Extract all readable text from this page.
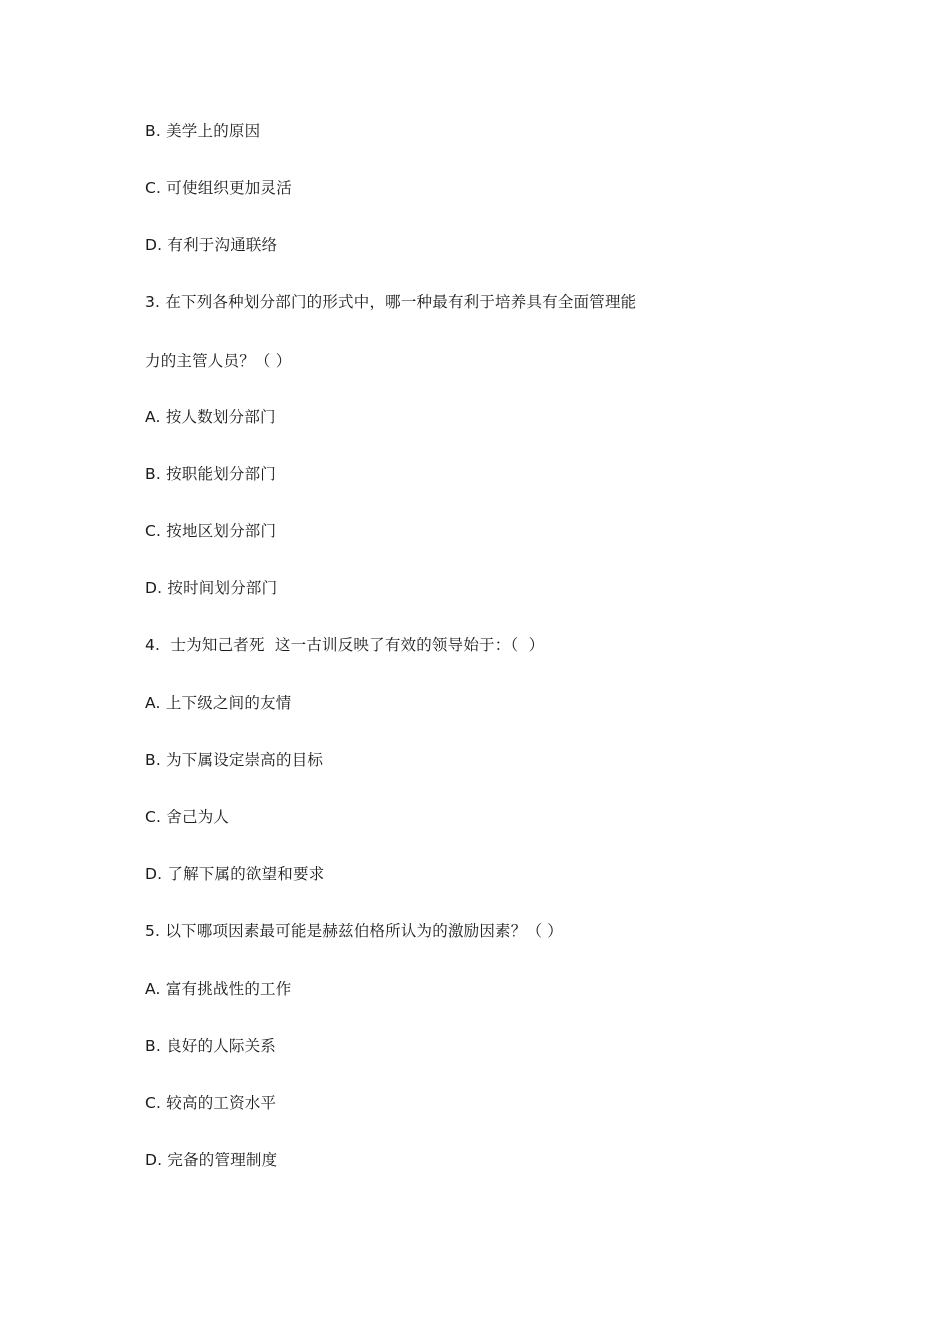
B. 美学上的原因
C. 可使组织更加灵活
D. 有利于沟通联络
3. 在下列各种划分部门的形式中，哪一种最有利于培养具有全面管理能
力的主管人员？（ ）
A. 按人数划分部门
B. 按职能划分部门
C. 按地区划分部门
D. 按时间划分部门
4.  士为知己者死  这一古训反映了有效的领导始于：（  ）
A. 上下级之间的友情
B. 为下属设定崇高的目标
C. 舍己为人
D. 了解下属的欲望和要求
5. 以下哪项因素最可能是赫兹伯格所认为的激励因素？（ ）
A. 富有挑战性的工作
B. 良好的人际关系
C. 较高的工资水平
D. 完备的管理制度
